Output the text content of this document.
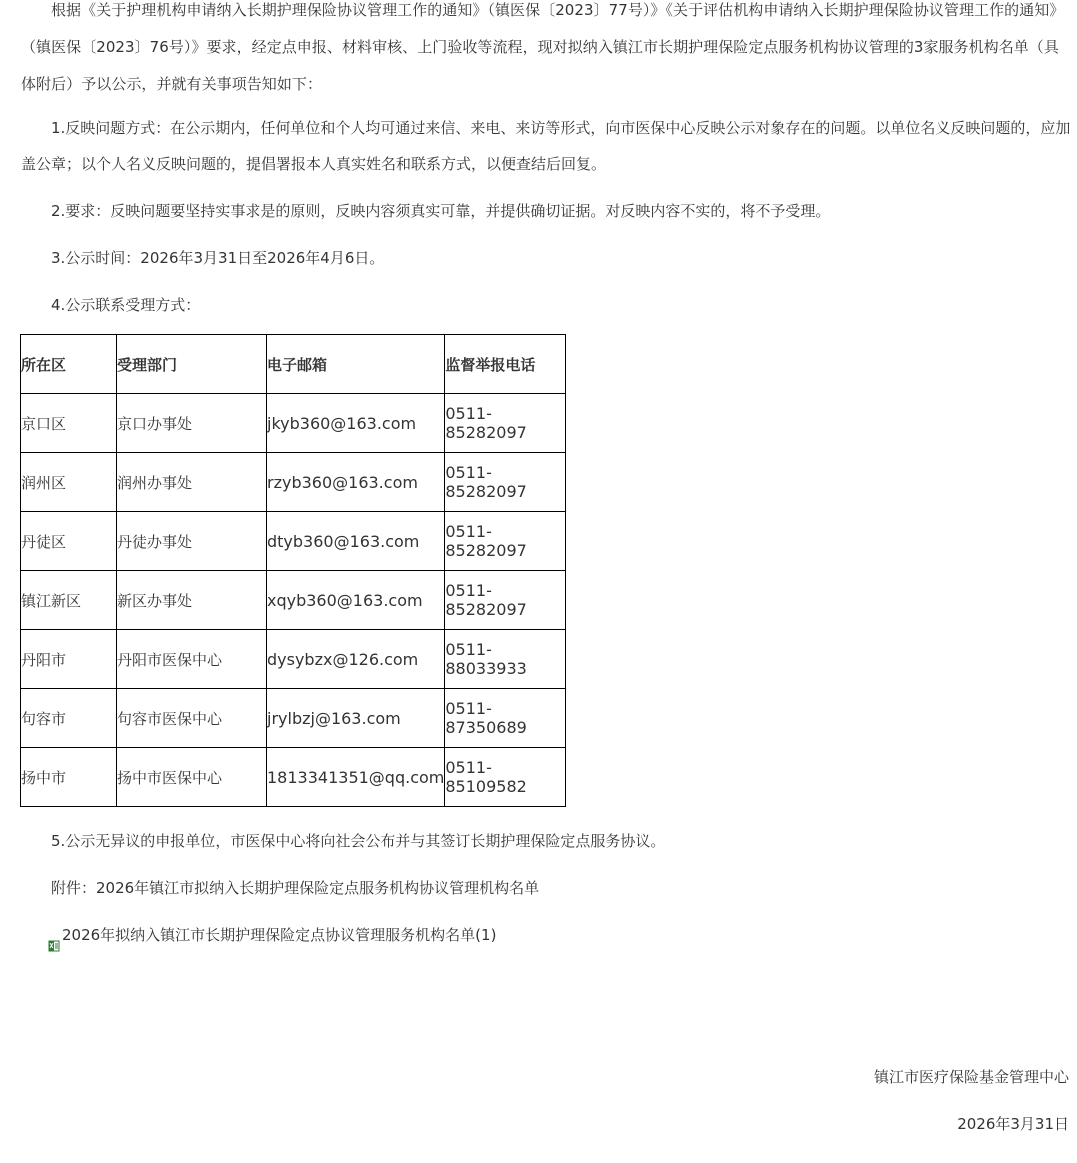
根据《关于护理机构申请纳入长期护理保险协议管理工作的通知》（镇医保〔2023〕77号）》《关于评估机构申请纳入长期护理保险协议管理工作的通知》（镇医保〔2023〕76号）》要求，经定点申报、材料审核、上门验收等流程，现对拟纳入镇江市长期护理保险定点服务机构协议管理的3家服务机构名单（具体附后）予以公示，并就有关事项告知如下：

1.反映问题方式：在公示期内，任何单位和个人均可通过来信、来电、来访等形式，向市医保中心反映公示对象存在的问题。以单位名义反映问题的，应加盖公章；以个人名义反映问题的，提倡署报本人真实姓名和联系方式，以便查结后回复。

2.要求：反映问题要坚持实事求是的原则，反映内容须真实可靠，并提供确切证据。对反映内容不实的，将不予受理。

3.公示时间：2026年3月31日至2026年4月6日。

4.公示联系受理方式：

所在区	受理部门	电子邮箱	监督举报电话
京口区	京口办事处	jkyb360@163.com	0511-85282097
润州区	润州办事处	rzyb360@163.com	0511-85282097
丹徒区	丹徒办事处	dtyb360@163.com	0511-85282097
镇江新区	新区办事处	xqyb360@163.com	0511-85282097
丹阳市	丹阳市医保中心	dysybzx@126.com	0511-88033933
句容市	句容市医保中心	jrylbzj@163.com	0511-87350689
扬中市	扬中市医保中心	1813341351@qq.com	0511-85109582

5.公示无异议的申报单位，市医保中心将向社会公布并与其签订长期护理保险定点服务协议。

附件：2026年镇江市拟纳入长期护理保险定点服务机构协议管理机构名单

2026年拟纳入镇江市长期护理保险定点协议管理服务机构名单(1)

镇江市医疗保险基金管理中心

2026年3月31日
